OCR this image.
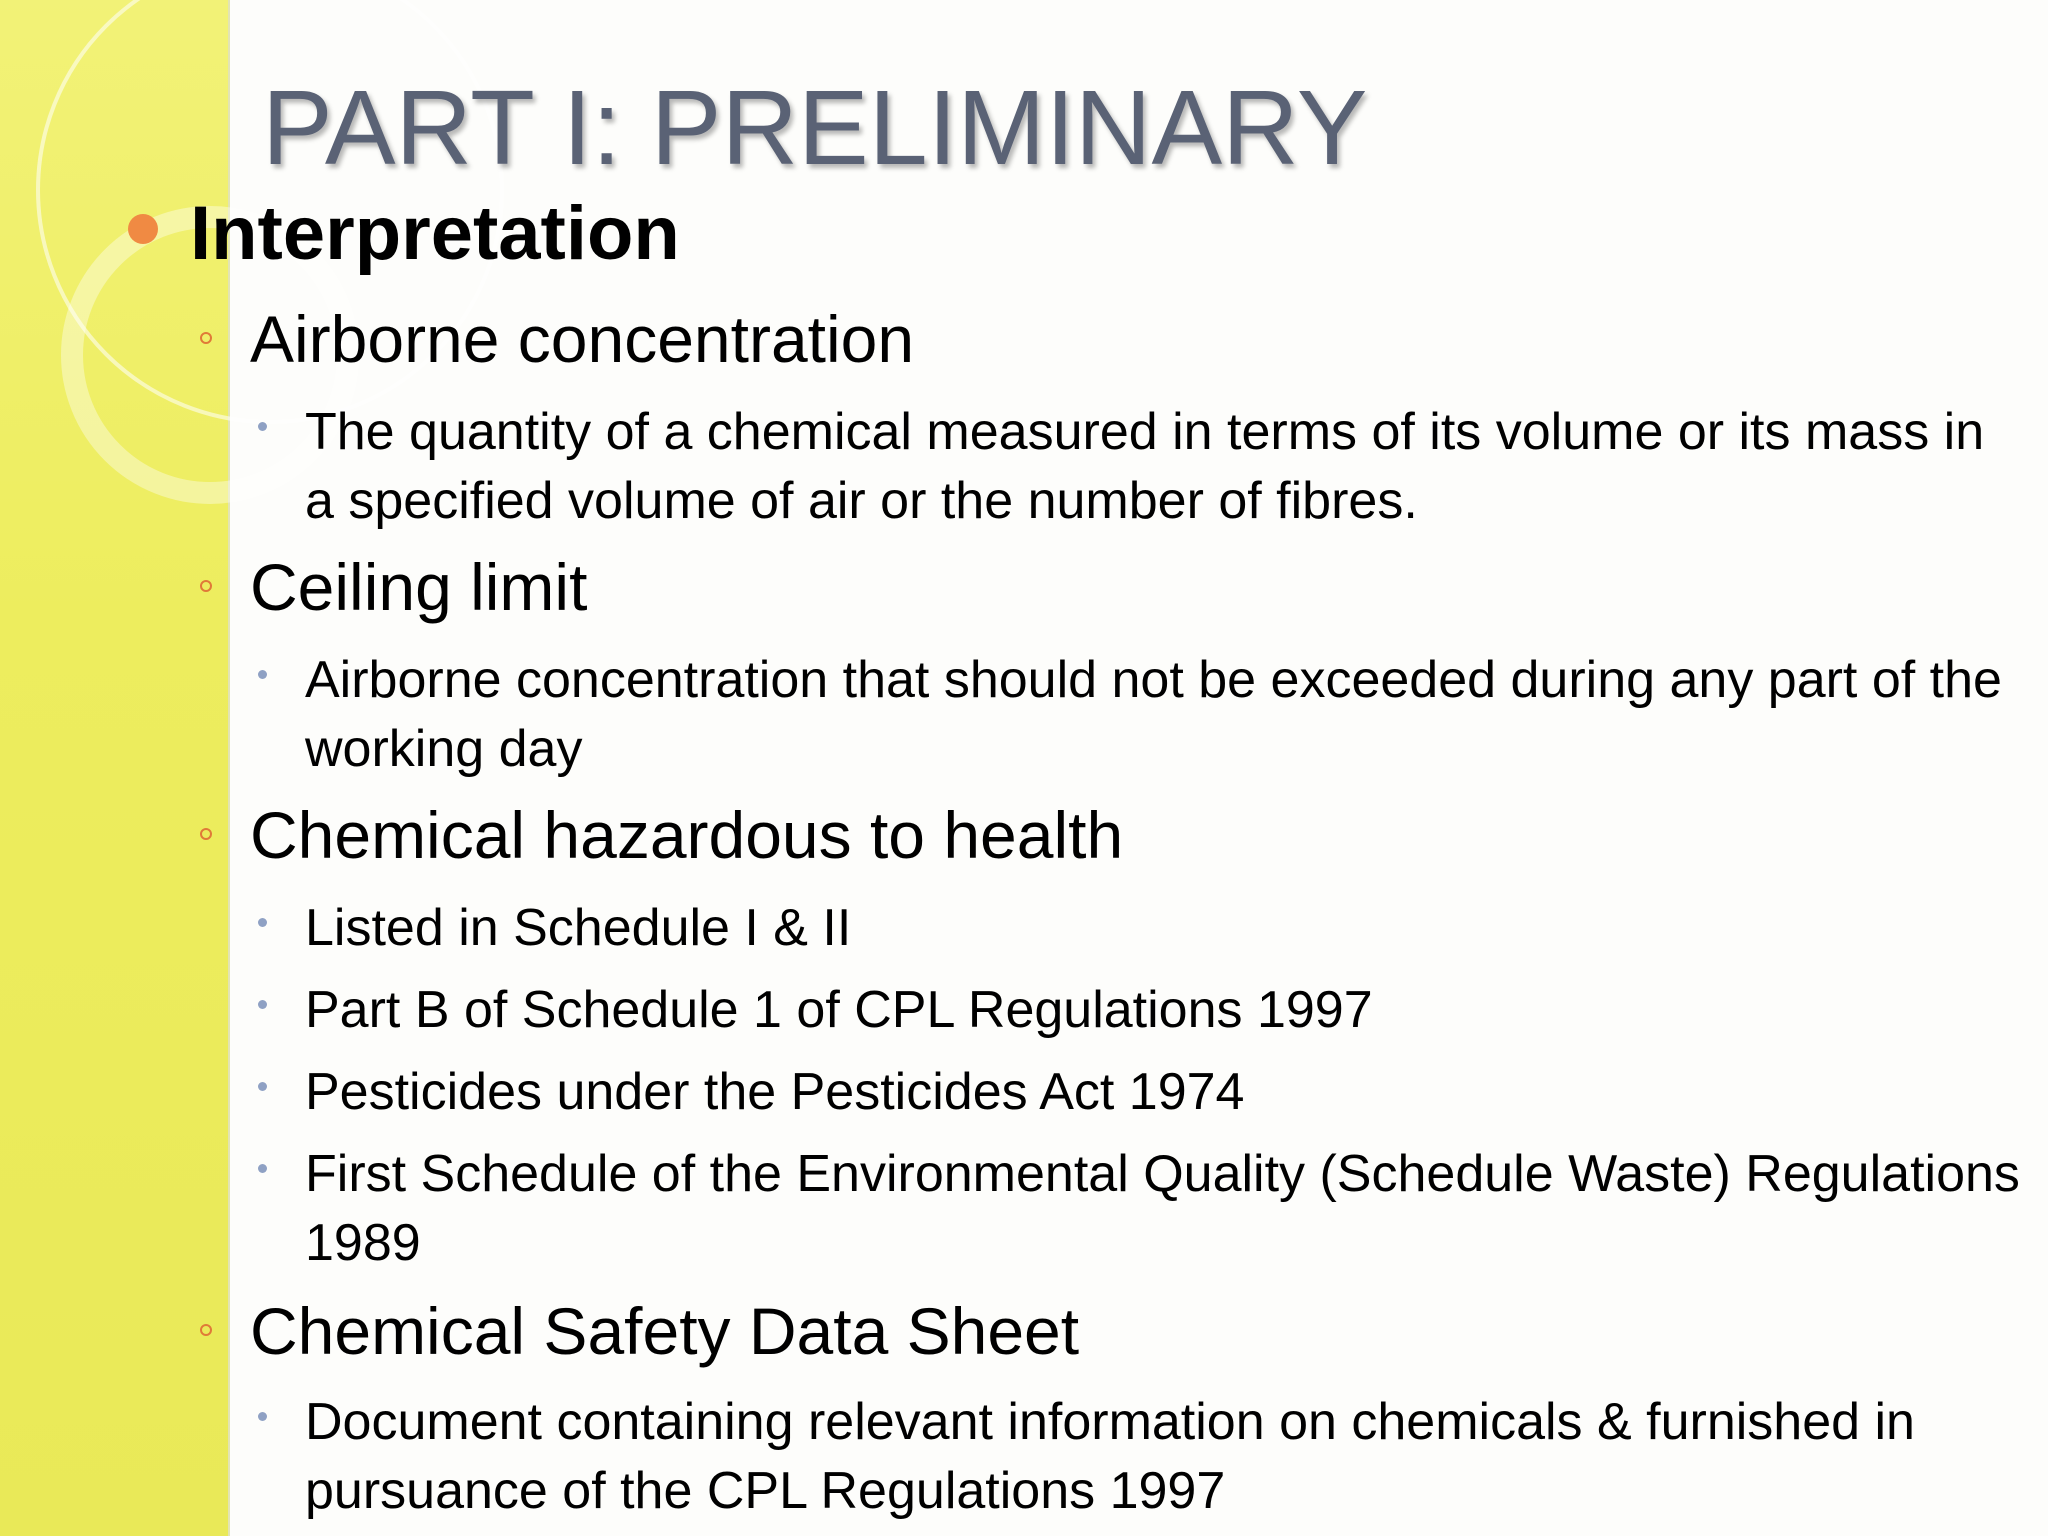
PART I: PRELIMINARY
Interpretation
Airborne concentration
The quantity of a chemical measured in terms of its volume or its mass in a specified volume of air or the number of fibres.
Ceiling limit
Airborne concentration that should not be exceeded during any part of the working day
Chemical hazardous to health
Listed in Schedule I & II
Part B of Schedule 1 of CPL Regulations 1997
Pesticides under the Pesticides Act 1974
First Schedule of the Environmental Quality (Schedule Waste) Regulations 1989
Chemical Safety Data Sheet
Document containing relevant information on chemicals & furnished in pursuance of the CPL Regulations 1997
